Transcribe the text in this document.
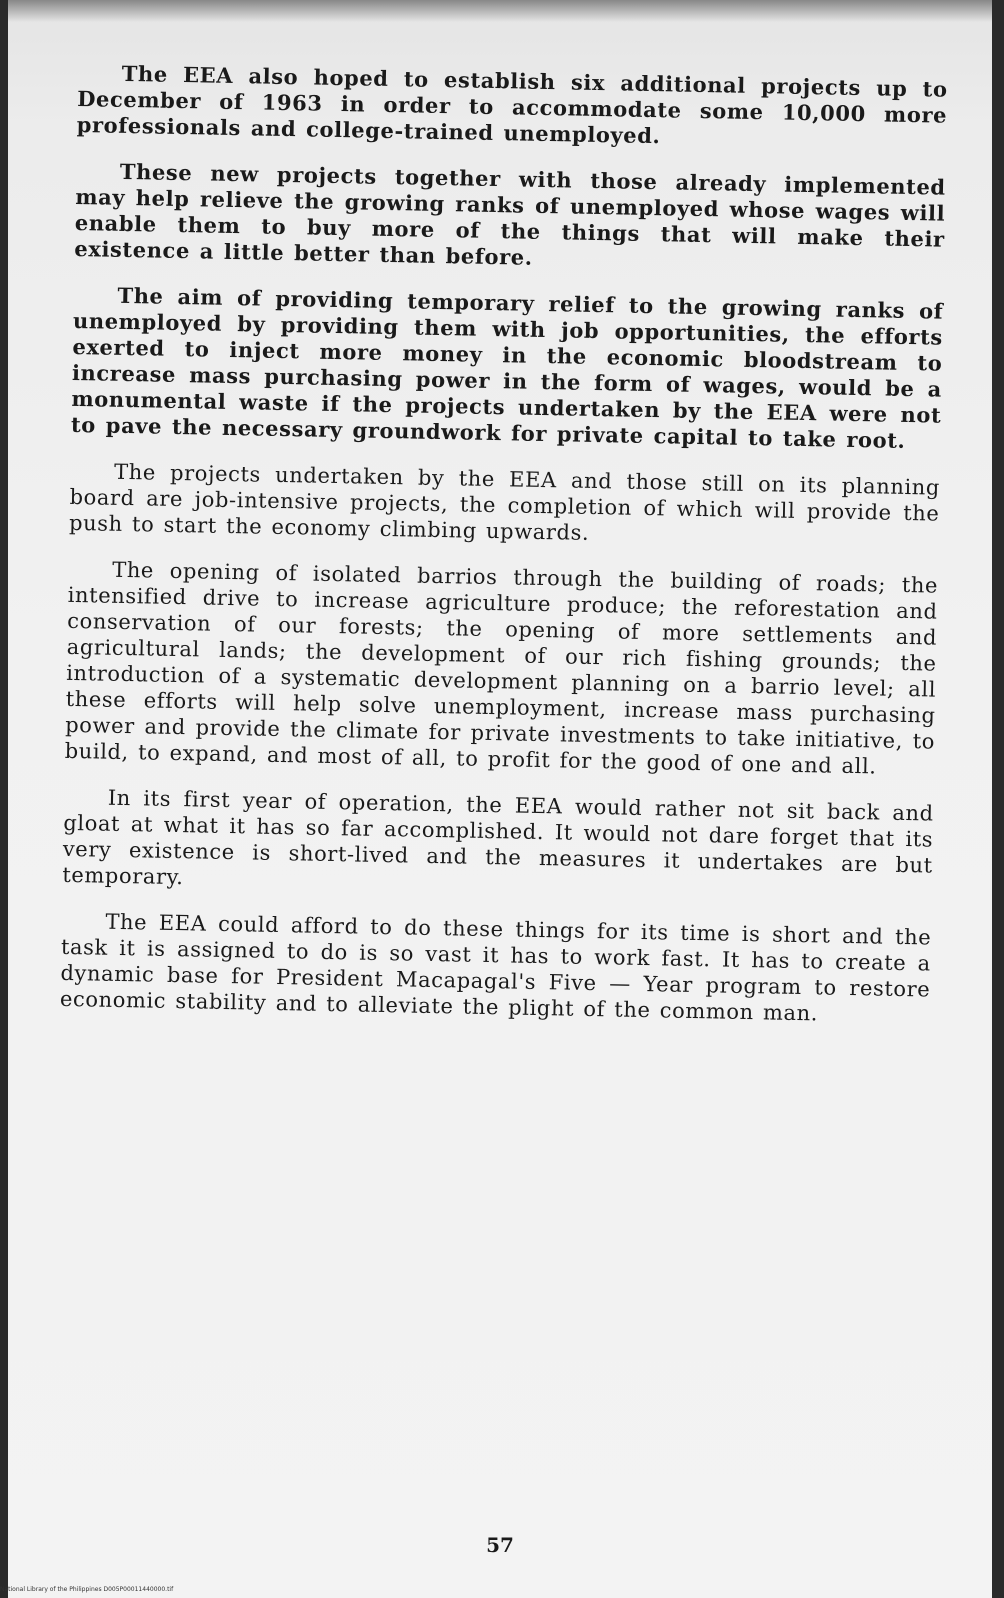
The EEA also hoped to establish six additional projects up to December of 1963 in order to accommodate some 10,000 more professionals and college-trained unemployed.

These new projects together with those already implemented may help relieve the growing ranks of unemployed whose wages will enable them to buy more of the things that will make their existence a little better than before.

The aim of providing temporary relief to the growing ranks of unemployed by providing them with job opportunities, the efforts exerted to inject more money in the economic bloodstream to increase mass purchasing power in the form of wages, would be a monumental waste if the projects undertaken by the EEA were not to pave the necessary groundwork for private capital to take root.

The projects undertaken by the EEA and those still on its planning board are job-intensive projects, the completion of which will provide the push to start the economy climbing upwards.

The opening of isolated barrios through the building of roads; the intensified drive to increase agriculture produce; the reforestation and conservation of our forests; the opening of more settlements and agricultural lands; the development of our rich fishing grounds; the introduction of a systematic development planning on a barrio level; all these efforts will help solve unemployment, increase mass purchasing power and provide the climate for private investments to take initiative, to build, to expand, and most of all, to profit for the good of one and all.

In its first year of operation, the EEA would rather not sit back and gloat at what it has so far accomplished. It would not dare forget that its very existence is short-lived and the measures it undertakes are but temporary.

The EEA could afford to do these things for its time is short and the task it is assigned to do is so vast it has to work fast. It has to create a dynamic base for President Macapagal's Five — Year program to restore economic stability and to alleviate the plight of the common man.

57
National Library of the Philippines D005P00011440000.tif
